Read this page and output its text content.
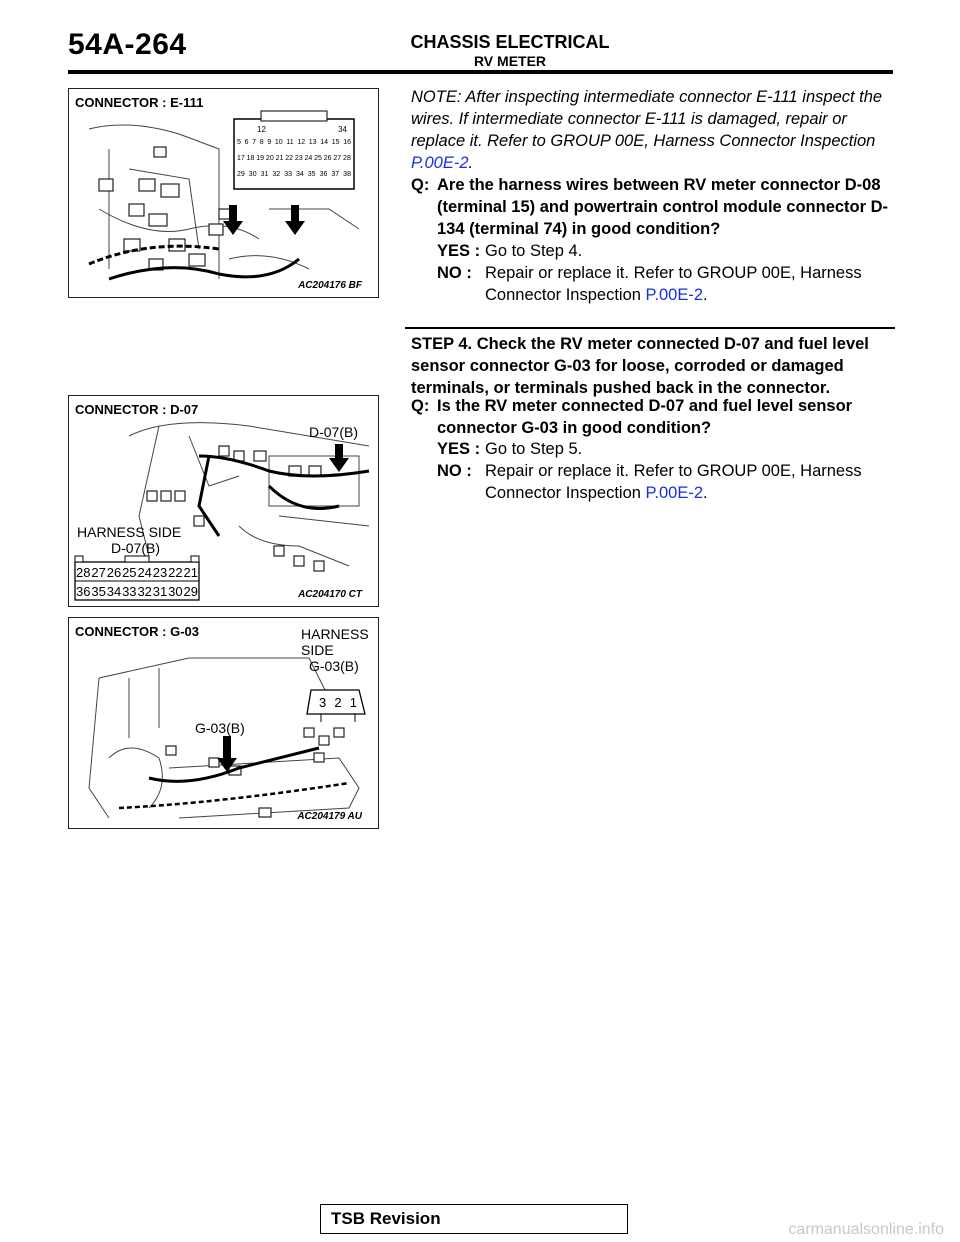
54A-264	CHASSIS ELECTRICAL
RV METER
CONNECTOR : E-111
1 2	3 4
5 6 7 8 9 10 11 12 13 14 15 16
17 18 19 20 21 22 23 24 25 26 27 28
29 30 31 32 33 34 35 36 37 38
AC204176 BF
CONNECTOR : D-07
D-07(B)
HARNESS SIDE
D-07(B)
28 27 26 25 24 23 22 21
36 35 34 33 32 31 30 29	AC204170 CT
CONNECTOR : G-03	HARNESS
SIDE
G-03(B)
3 2 1
G-03(B)
AC204179 AU
NOTE: After inspecting intermediate connector E-111 inspect the wires. If intermediate connector E-111 is damaged, repair or replace it. Refer to GROUP 00E, Harness Connector Inspection P.00E-2.
Q: Are the harness wires between RV meter connector D-08 (terminal 15) and powertrain control module connector D-134 (terminal 74) in good condition?
YES : Go to Step 4.
NO : Repair or replace it. Refer to GROUP 00E, Harness Connector Inspection P.00E-2.
STEP 4. Check the RV meter connected D-07 and fuel level sensor connector G-03 for loose, corroded or damaged terminals, or terminals pushed back in the connector.
Q: Is the RV meter connected D-07 and fuel level sensor connector G-03 in good condition?
YES : Go to Step 5.
NO : Repair or replace it. Refer to GROUP 00E, Harness Connector Inspection P.00E-2.
TSB Revision
carmanualsonline.info
